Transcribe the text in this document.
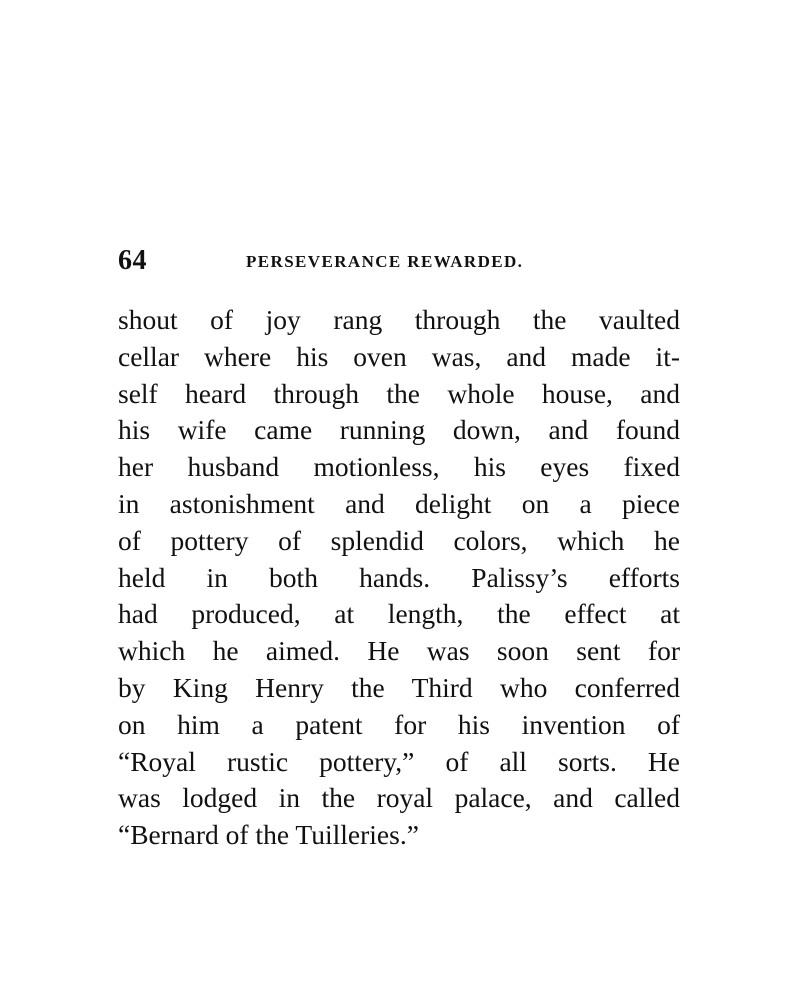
64	PERSEVERANCE REWARDED.
shout of joy rang through the vaulted
cellar where his oven was, and made it-
self heard through the whole house, and
his wife came running down, and found
her husband motionless, his eyes fixed
in astonishment and delight on a piece
of pottery of splendid colors, which he
held in both hands. Palissy’s efforts
had produced, at length, the effect at
which he aimed. He was soon sent for
by King Henry the Third who conferred
on him a patent for his invention of
“Royal rustic pottery,” of all sorts. He
was lodged in the royal palace, and called
“Bernard of the Tuilleries.”
